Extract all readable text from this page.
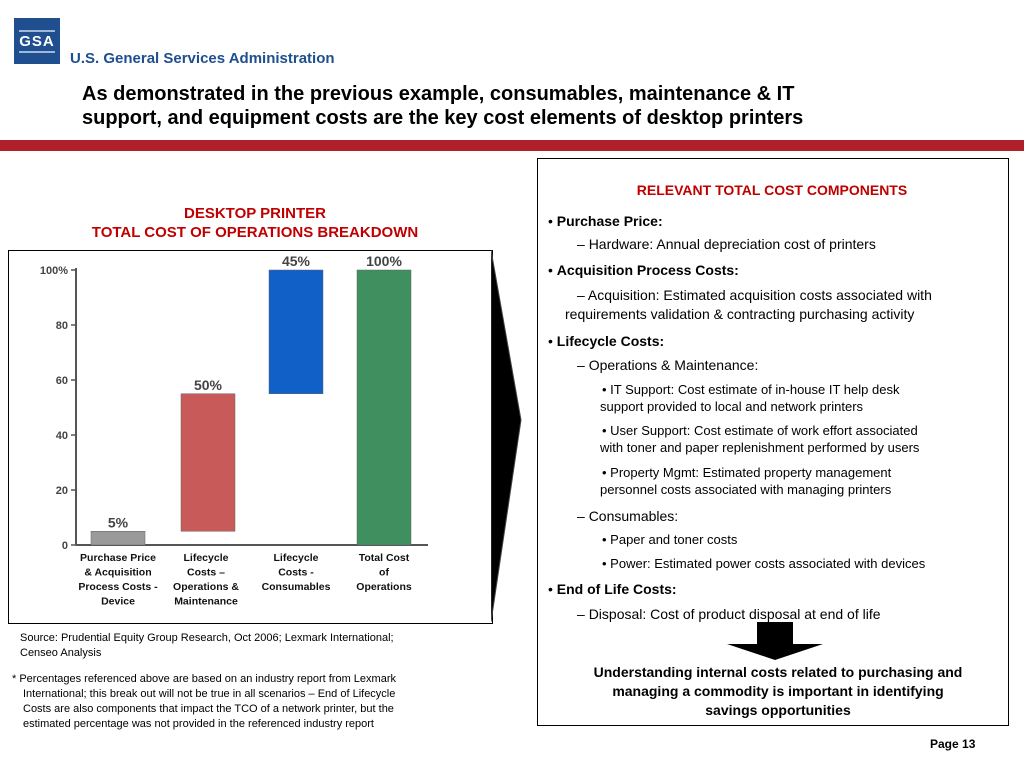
GSA
U.S. General Services Administration
As demonstrated in the previous example, consumables, maintenance & IT
support, and equipment costs are the key cost elements of desktop printers
DESKTOP PRINTER
TOTAL COST OF OPERATIONS BREAKDOWN
0
20
40
60
80
100%
5%
Purchase Price
& Acquisition
Process Costs -
Device
50%
Lifecycle
Costs –
Operations &
Maintenance
45%
Lifecycle
Costs -
Consumables
100%
Total Cost
of
Operations
Source: Prudential Equity Group Research, Oct 2006; Lexmark International;
Censeo Analysis
* Percentages referenced above are based on an industry report from Lexmark
International; this break out will not be true in all scenarios – End of Lifecycle
Costs are also components that impact the TCO of a network printer, but the
estimated percentage was not provided in the referenced industry report
RELEVANT TOTAL COST COMPONENTS
Understanding internal costs related to purchasing and
managing a commodity is important in identifying
savings opportunities
Page 13
• Purchase Price:
– Hardware: Annual depreciation cost of printers
• Acquisition Process Costs:
– Acquisition: Estimated acquisition costs associated with
requirements validation & contracting purchasing activity
• Lifecycle Costs:
– Operations & Maintenance:
• IT Support: Cost estimate of in-house IT help desk
support provided to local and network printers
• User Support: Cost estimate of work effort associated
with toner and paper replenishment performed by users
• Property Mgmt: Estimated property management
personnel costs associated with managing printers
– Consumables:
• Paper and toner costs
• Power: Estimated power costs associated with devices
• End of Life Costs:
– Disposal: Cost of product disposal at end of life
